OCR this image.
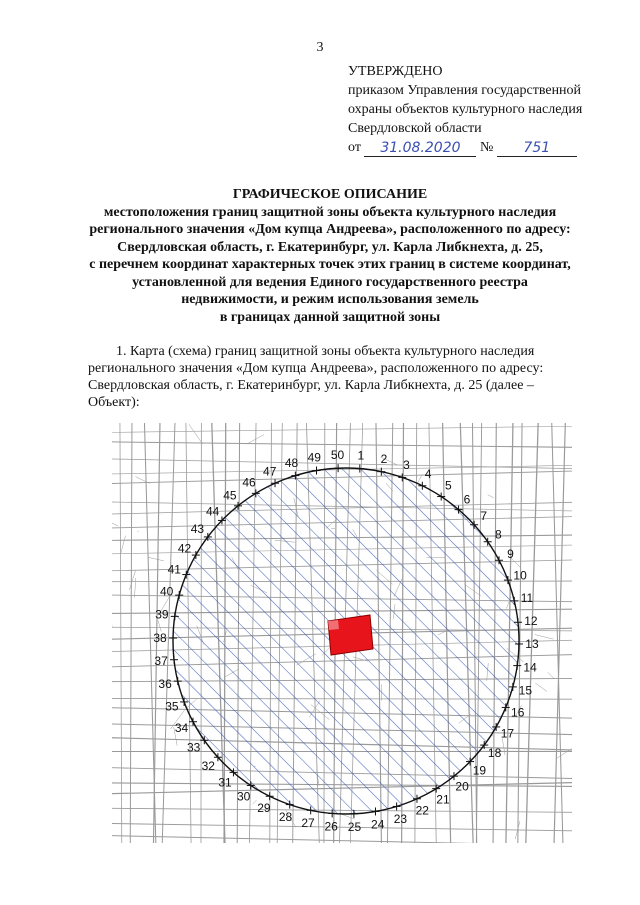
3
УТВЕРЖДЕНО
приказом Управления государственной
охраны объектов культурного наследия
Свердловской области
от 31.08.2020 № 751
ГРАФИЧЕСКОЕ ОПИСАНИЕ
местоположения границ защитной зоны объекта культурного наследия
регионального значения «Дом купца Андреева», расположенного по адресу:
Свердловская область, г. Екатеринбург, ул. Карла Либкнехта, д. 25,
с перечнем координат характерных точек этих границ в системе координат,
установленной для ведения Единого государственного реестра
недвижимости, и режим использования земель
в границах данной защитной зоны
1. Карта (схема) границ защитной зоны объекта культурного наследия
регионального значения «Дом купца Андреева», расположенного по адресу:
Свердловская область, г. Екатеринбург, ул. Карла Либкнехта, д. 25 (далее –
Объект):
1 2 3
4
5
6
7
8
9
10
11
12
13
14
15
16
17
18
19
20
21
22
23
24
25
26
27
28
29
30
31
32
33
34
35
36
37
38
39
40
41
42
43
44
45
46
47
48 49 50
